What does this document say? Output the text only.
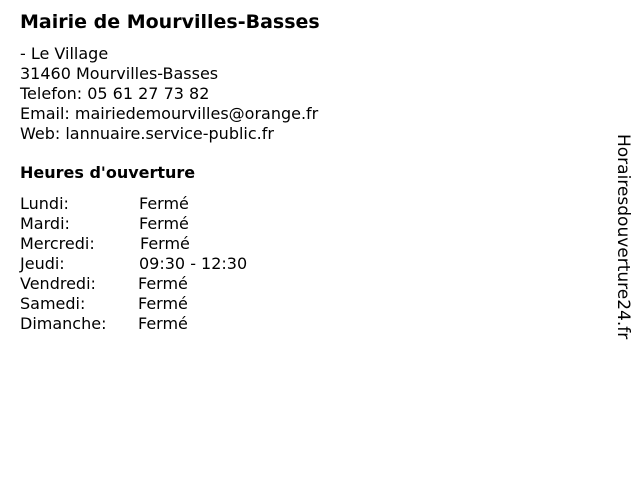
Mairie de Mourvilles-Basses
- Le Village
31460 Mourvilles-Basses
Telefon: 05 61 27 73 82
Email: mairiedemourvilles@orange.fr
Web: lannuaire.service-public.fr
Heures d'ouverture
Lundi:	Fermé
Mardi:	Fermé
Mercredi:	Fermé
Jeudi:	09:30 - 12:30
Vendredi:	Fermé
Samedi:	Fermé
Dimanche: Fermé	Horairesdouverture24.fr
